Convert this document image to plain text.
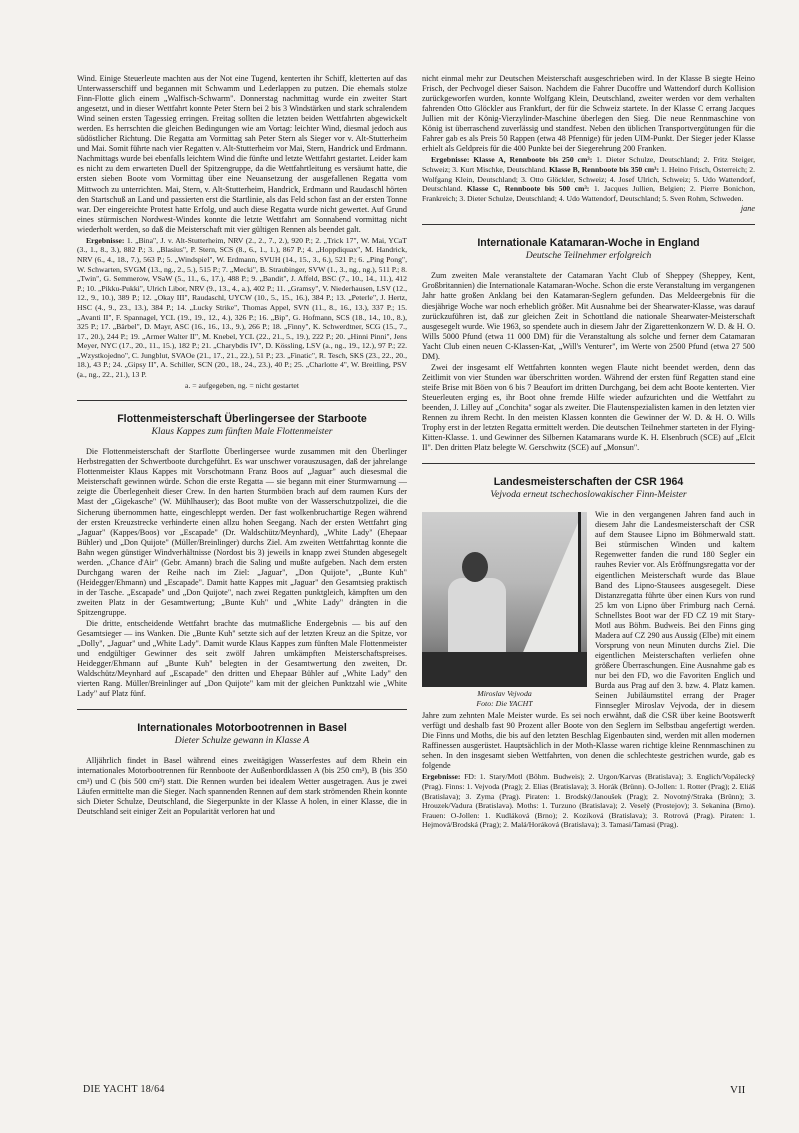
Wind. Einige Steuerleute machten aus der Not eine Tugend, kenterten ihr Schiff, kletterten auf das Unterwasserschiff und begannen mit Schwamm und Lederlappen zu putzen. Die ehemals stolze Finn-Flotte glich einem „Walfisch-Schwarm". Donnerstag nachmittag wurde ein zweiter Start angesetzt, und in dieser Wettfahrt konnte Peter Stern bei 2 bis 3 Windstärken und stark schralendem Wind seinen ersten Tagessieg erringen. Freitag sollten die letzten beiden Wettfahrten abgewickelt werden. Es herrschten die gleichen Bedingungen wie am Vortag: leichter Wind, diesmal jedoch aus südöstlicher Richtung. Die Regatta am Vormittag sah Peter Stern als Sieger vor v. Alt-Stutterheim und Mai. Somit führte nach vier Regatten v. Alt-Stutterheim vor Mai, Stern, Handrick und Erdmann. Nachmittags wurde bei ebenfalls leichtem Wind die fünfte und letzte Wettfahrt gestartet. Leider kam es nicht zu dem erwarteten Duell der Spitzengruppe, da die Wettfahrtleitung es versäumt hatte, die ersten sieben Boote vom Vormittag über eine Neuansetzung der ausgefallenen Regatta vom Mittwoch zu unterrichten. Mai, Stern, v. Alt-Stutterheim, Handrick, Erdmann und Raudaschl hörten den Startschuß an Land und passierten erst die Startlinie, als das Feld schon fast an der ersten Tonne war. Der eingereichte Protest hatte Erfolg, und auch diese Regatta wurde nicht gewertet. Auf Grund eines stürmischen Nordwest-Windes konnte die letzte Wettfahrt am Sonnabend vormittag nicht wiederholt werden, so daß die Meisterschaft mit vier gültigen Rennen als beendet galt.

Ergebnisse: 1. „Bina", J. v. Alt-Stutterheim, NRV (2., 2., 7., 2.), 920 P.; 2. „Trick 17", W. Mai, YCaT (3., 1., 8., 3.), 882 P.; 3. „Blasius", P. Stern, SCS (8., 6., 1., 1.), 867 P.; 4. „Hoppdiquax", M. Handrick, NRV (6., 4., 18., 7.), 563 P.; 5. „Windspiel", W. Erdmann, SVUH (14., 15., 3., 6.), 521 P.; 6. „Ping Pong", W. Schwarten, SVGM (13., ng., 2., 5.), 515 P.; 7. „Mecki", B. Straubinger, SVW (1., 3., ng., ng.), 511 P.; 8. „Twin", G. Semmerow, VSaW (5., 11., 6., 17.), 488 P.; 9. „Bandit", J. Affeld, BSC (7., 10., 14., 11.), 412 P.; 10. „Pikku-Pukki", Ulrich Libor, NRV (9., 13., 4., a.), 402 P.; 11. „Gramsy", V. Niederhausen, LSV (12., 12., 9., 10.), 389 P.; 12. „Okay III", Raudaschl, UYCW (10., 5., 15., 16.), 384 P.; 13. „Peterle", J. Hertz, HSC (4., 9., 23., 13.), 384 P.; 14. „Lucky Strike", Thomas Appel, SVN (11., 8., 16., 13.), 337 P.; 15. „Avanti II", F. Spannagel, YCL (19., 19., 12., 4.), 326 P.; 16. „Bip", G. Hofmann, SCS (18., 14., 10., 8.), 325 P.; 17. „Bärbel", D. Mayr, ASC (16., 16., 13., 9.), 266 P.; 18. „Finny", K. Schwerdtner, SCG (15., 7., 17., 20.), 244 P.; 19. „Armer Walter II", M. Knebel, YCL (22., 21., 5., 19.), 222 P.; 20. „Hinni Pinni", Jens Meyer, NYC (17., 20., 11., 15.), 182 P.; 21. „Charybdis IV", D. Kössling, LSV (a., ng., 19., 12.), 97 P.; 22. „Wzystkojedno", C. Jungblut, SVAOe (21., 17., 21., 22.), 51 P.; 23. „Finatic", R. Tesch, SKS (23., 22., 20., 18.), 43 P.; 24. „Gipsy II", A. Schiller, SCN (20., 18., 24., 23.), 40 P.; 25. „Charlotte 4", W. Breitling, PSV (a., ng., 22., 21.), 13 P.

a. = aufgegeben, ng. = nicht gestartet

Flottenmeisterschaft Überlingersee der Starboote
Klaus Kappes zum fünften Male Flottenmeister

Die Flottenmeisterschaft der Starflotte Überlingersee wurde zusammen mit den Überlinger Herbstregatten der Schwertboote durchgeführt. Es war unschwer vorauszusagen, daß der jahrelange Flottenmeister Klaus Kappes mit Vorschotmann Franz Boos auf „Jaguar" auch diesesmal die Meisterschaft gewinnen würde. Schon die erste Regatta — sie begann mit einer Sturmwarnung — zeigte die Überlegenheit dieser Crew. In den harten Sturmböen brach auf dem raumen Kurs der Mast der „Gigekasche" (W. Mühlhauser); das Boot mußte von der Wasserschutzpolizei, die die Sicherung übernommen hatte, eingeschleppt werden. Der fast wolkenbruchartige Regen während der ersten Kreuzstrecke verhinderte einen allzu hohen Seegang. Nach der ersten Wettfahrt ging „Jaguar" (Kappes/Boos) vor „Escapade" (Dr. Waldschütz/Meynhard), „White Lady" (Ehepaar Bühler) und „Don Quijote" (Müller/Breinlinger) durchs Ziel. Am zweiten Wettfahrttag konnte die Bahn wegen günstiger Windverhältnisse (Nordost bis 3) jeweils in knapp zwei Stunden abgesegelt werden. „Chance d'Air" (Gebr. Amann) brach die Saling und mußte aufgeben. Nach dem ersten Durchgang waren der Reihe nach im Ziel: „Jaguar", „Don Quijote", „Bunte Kuh" (Heidegger/Ehmann) und „Escapade". Damit hatte Kappes mit „Jaguar" den Gesamtsieg praktisch in der Tasche. „Escapade" und „Don Quijote", nach zwei Regatten punktgleich, kämpften um den zweiten Platz in der Gesamtwertung; „Bunte Kuh" und „White Lady" drängten in die Spitzengruppe.

Die dritte, entscheidende Wettfahrt brachte das mutmaßliche Endergebnis — bis auf den Gesamtsieger — ins Wanken. Die „Bunte Kuh" setzte sich auf der letzten Kreuz an die Spitze, vor „Dolly", „Jaguar" und „White Lady". Damit wurde Klaus Kappes zum fünften Male Flottenmeister und endgültiger Gewinner des seit zwölf Jahren umkämpften Meisterschaftspreises. Heidegger/Ehmann auf „Bunte Kuh" belegten in der Gesamtwertung den zweiten, Dr. Waldschütz/Meynhard auf „Escapade" den dritten und Ehepaar Bühler auf „White Lady" den vierten Rang. Müller/Breinlinger auf „Don Quijote" kam mit der gleichen Punktzahl wie „White Lady" auf Platz fünf.

Internationales Motorbootrennen in Basel
Dieter Schulze gewann in Klasse A

Alljährlich findet in Basel während eines zweitägigen Wasserfestes auf dem Rhein ein internationales Motorbootrennen für Rennboote der Außenbordklassen A (bis 250 cm³), B (bis 350 cm³) und C (bis 500 cm³) statt. Die Rennen wurden bei idealem Wetter ausgetragen. Aus je zwei Läufen ermittelte man die Sieger. Nach spannenden Rennen auf dem stark strömenden Rhein konnte sich Dieter Schulze, Deutschland, die Siegerpunkte in der Klasse A holen, in einer Klasse, die in Deutschland seit einiger Zeit an Popularität verloren hat und

nicht einmal mehr zur Deutschen Meisterschaft ausgeschrieben wird. In der Klasse B siegte Heino Frisch, der Pechvogel dieser Saison. Nachdem die Fahrer Ducoffre und Wattendorf durch Kollision zurückgeworfen wurden, konnte Wolfgang Klein, Deutschland, zweiter werden vor dem verhalten fahrenden Otto Glöckler aus Frankfurt, der für die Schweiz startete. In der Klasse C errang Jacques Jullien mit der König-Vierzylinder-Maschine überlegen den Sieg. Die neue Rennmaschine von König ist überraschend zuverlässig und standfest. Neben den üblichen Transportvergütungen für die Fahrer gab es als Preis 50 Rappen (etwa 48 Pfennige) für jeden UIM-Punkt. Der Sieger jeder Klasse erhielt als Geldpreis für die 400 Punkte bei der Siegerehrung 200 Franken.

Ergebnisse: Klasse A, Rennboote bis 250 cm³: 1. Dieter Schulze, Deutschland; 2. Fritz Steiger, Schweiz; 3. Kurt Mischke, Deutschland. Klasse B, Rennboote bis 350 cm³: 1. Heino Frisch, Österreich; 2. Wolfgang Klein, Deutschland; 3. Otto Glöckler, Schweiz; 4. Josef Ulrich, Schweiz; 5. Udo Wattendorf, Deutschland. Klasse C, Rennboote bis 500 cm³: 1. Jacques Jullien, Belgien; 2. Pierre Bonichon, Frankreich; 3. Dieter Schulze, Deutschland; 4. Udo Wattendorf, Deutschland; 5. Sven Rohm, Schweden.

jane

Internationale Katamaran-Woche in England
Deutsche Teilnehmer erfolgreich

Zum zweiten Male veranstaltete der Catamaran Yacht Club of Sheppey (Sheppey, Kent, Großbritannien) die Internationale Katamaran-Woche. Schon die erste Veranstaltung im vergangenen Jahr hatte großen Anklang bei den Katamaran-Seglern gefunden. Das Meldeergebnis für die diesjährige Woche war noch erheblich größer. Mit Ausnahme bei der Shearwater-Klasse, was darauf zurückzuführen ist, daß zur gleichen Zeit in Schottland die nationale Shearwater-Meisterschaft ausgesegelt wurde. Wie 1963, so spendete auch in diesem Jahr der Zigarettenkonzern W. D. & H. O. Wills 5000 Pfund (etwa 11 000 DM) für die Veranstaltung als solche und ferner dem Catamaran Yacht Club einen neuen C-Klassen-Kat, „Will's Venturer", im Werte von 2500 Pfund (etwa 27 500 DM).

Zwei der insgesamt elf Wettfahrten konnten wegen Flaute nicht beendet werden, denn das Zeitlimit von vier Stunden war überschritten worden. Während der ersten fünf Regatten stand eine steife Brise mit Böen von 6 bis 7 Beaufort im dritten Durchgang, bei dem acht Boote kenterten. Vier Steuerleuten erging es, ihr Boot ohne fremde Hilfe wieder aufzurichten und die Wettfahrt zu beenden, J. Lilley auf „Conchita" sogar als zweiter. Die Flautenspezialisten kamen in den letzten vier Rennen zu ihrem Recht. In den meisten Klassen konnten die Gewinner der W. D. & H. O. Wills Trophy erst in der letzten Regatta ermittelt werden. Die deutschen Teilnehmer starteten in der Flying-Kitten-Klasse. 1. und Gewinner des Silbernen Katamarans wurde K. H. Elsenbruch (SCE) auf „Elcit II". Den dritten Platz belegte W. Gerschwitz (SCE) auf „Monsun".

Landesmeisterschaften der CSR 1964
Vejvoda erneut tschechoslowakischer Finn-Meister
Miroslav Vejvoda
Foto: Die YACHT

Wie in den vergangenen Jahren fand auch in diesem Jahr die Landesmeisterschaft der CSR auf dem Stausee Lipno im Böhmerwald statt. Bei stürmischen Winden und kaltem Regenwetter fanden die rund 180 Segler ein rauhes Revier vor. Als Eröffnungsregatta vor der eigentlichen Meisterschaft wurde das Blaue Band des Lipno-Stausees ausgesegelt. Diese Distanzregatta führte über einen Kurs von rund 25 km von Lipno über Frimburg nach Cerná. Schnellstes Boot war der FD CZ 19 mit Stary-Motl aus Böhm. Budweis. Bei den Finns ging Madera auf CZ 290 aus Aussig (Elbe) mit einem Vorsprung von neun Minuten durchs Ziel. Die eigentlichen Meisterschaften verliefen ohne größere Überraschungen. Eine Ausnahme gab es nur bei den FD, wo die Favoriten Englich und Burda aus Prag auf den 3. bzw. 4. Platz kamen. Seinen Jubiläumstitel errang der Prager Finnsegler Miroslav Vejvoda, der in diesem Jahre zum zehnten Male Meister wurde. Es sei noch erwähnt, daß die CSR über keine Bootswerft verfügt und deshalb fast 90 Prozent aller Boote von den Seglern im Selbstbau angefertigt werden. Die Finns und Moths, die bis auf den letzten Beschlag Eigenbauten sind, werden mit allen modernen Raffinessen ausgerüstet. Hauptsächlich in der Moth-Klasse waren richtige kleine Rennmaschinen zu sehen. In den insgesamt sieben Wettfahrten, von denen die schlechteste gestrichen wurde, gab es folgende

Ergebnisse: FD: 1. Stary/Motl (Böhm. Budweis); 2. Urgon/Karvas (Bratislava); 3. Englich/Vopálecký (Prag). Finns: 1. Vejvoda (Prag); 2. Elias (Bratislava); 3. Horák (Brünn). O-Jollen: 1. Rotter (Prag); 2. Eliáš (Bratislava); 3. Zyma (Prag). Piraten: 1. Brodský/Janoušek (Prag); 2. Novotný/Straka (Brünn); 3. Hrouzek/Vadura (Bratislava). Moths: 1. Turzuno (Bratislava); 2. Veselý (Prostejov); 3. Sekanina (Brno). Frauen: O-Jollen: 1. Kudláková (Brno); 2. Kozíková (Bratislava); 3. Rotrová (Prag). Piraten: 1. Hejmová/Brodská (Prag); 2. Malá/Horáková (Bratislava); 3. Tamasi/Tamasi (Prag).

DIE YACHT 18/64	VII
